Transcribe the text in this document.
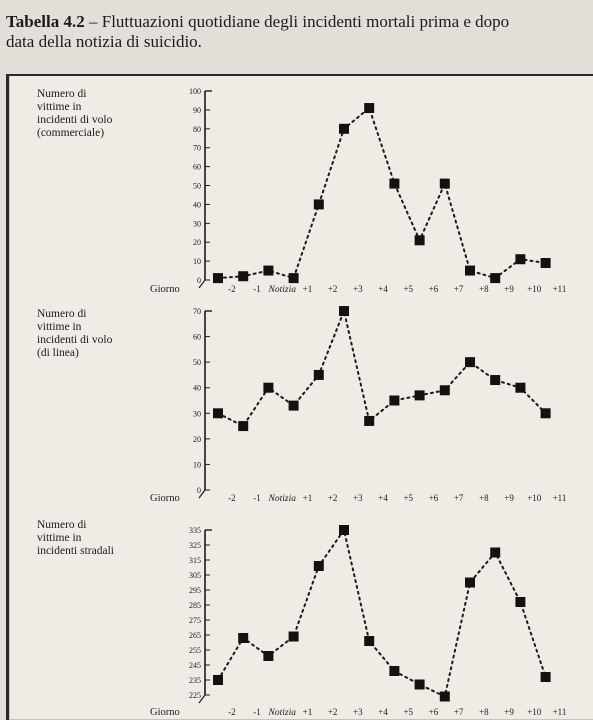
Tabella 4.2 – Fluttuazioni quotidiane degli incidenti mortali prima e dopo
data della notizia di suicidio.
Numero di vittime in incidenti di volo (commerciale)
0
10
20
30
40
50
60
70
80
90
100
Giorno	-2 -1 Notizia +1 +2 +3 +4 +5 +6 +7 +8 +9 +10 +11
Numero di vittime in incidenti di volo (di linea)
0
10
20
30
40
50
60
70
Giorno	-2 -1 Notizia +1 +2 +3 +4 +5 +6 +7 +8 +9 +10 +11
Numero di vittime in incidenti stradali
225
235
245
255
265
275
285
295
305
315
325
335
Giorno	-2 -1 Notizia +1 +2 +3 +4 +5 +6 +7 +8 +9 +10 +11
